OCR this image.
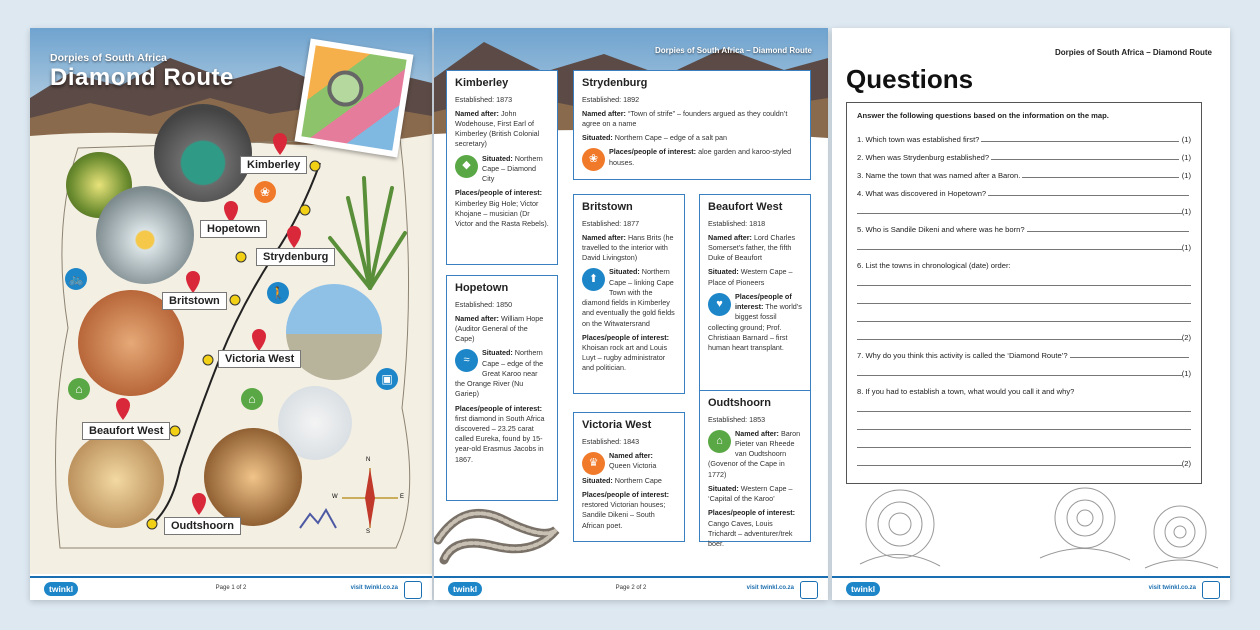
Dorpies of South Africa
Diamond Route
🚲
🚶
▣
❀
⌂
⌂
Kimberley
Hopetown
Strydenburg
Britstown
Victoria West
Beaufort West
Oudtshoorn
N
E
S
W
twinkl	Page 1 of 2	visit twinkl.co.za
Dorpies of South Africa – Diamond Route
Kimberley
Established: 1873
Named after: John Wodehouse, First Earl of Kimberley (British Colonial secretary)
◆
Situated: Northern Cape – Diamond City
Places/people of interest: Kimberley Big Hole; Victor Khojane – musician (Dr Victor and the Rasta Rebels).
Hopetown
Established: 1850
Named after: William Hope (Auditor General of the Cape)
≈
Situated: Northern Cape – edge of the Great Karoo near the Orange River (Nu Gariep)
Places/people of interest: first diamond in South Africa discovered – 23.25 carat called Eureka, found by 15-year-old Erasmus Jacobs in 1867.
Strydenburg
Established: 1892
Named after: “Town of strife” – founders argued as they couldn’t agree on a name
Situated: Northern Cape – edge of a salt pan
❀
Places/people of interest: aloe garden and karoo-styled houses.
Britstown
Established: 1877
Named after: Hans Brits (he travelled to the interior with David Livingston)
⬆
Situated: Northern Cape – linking Cape Town with the diamond fields in Kimberley and eventually the gold fields on the Witwatersrand
Places/people of interest: Khoisan rock art and Louis Luyt – rugby administrator and politician.
Beaufort West
Established: 1818
Named after: Lord Charles Somerset’s father, the fifth Duke of Beaufort
Situated: Western Cape – Place of Pioneers
♥
Places/people of interest: The world’s biggest fossil collecting ground; Prof. Christiaan Barnard – first human heart transplant.
Victoria West
Established: 1843
♛
Named after: Queen Victoria
Situated: Northern Cape
Places/people of interest: restored Victorian houses; Sandile Dikeni – South African poet.
Oudtshoorn
Established: 1853
⌂
Named after: Baron Pieter van Rheede van Oudtshoorn (Govenor of the Cape in 1772)
Situated: Western Cape – ‘Capital of the Karoo’
Places/people of interest: Cango Caves, Louis Trichardt – adventurer/trek boer.
twinkl	Page 2 of 2	visit twinkl.co.za
Dorpies of South Africa – Diamond Route
Questions
Answer the following questions based on the information on the map.
1. Which town was established first?	(1)
2. When was Strydenburg established?	(1)
3. Name the town that was named after a Baron.	(1)
4. What was discovered in Hopetown?
(1)
5. Who is Sandile Dikeni and where was he born?
(1)
6. List the towns in chronological (date) order:
(2)
7. Why do you think this activity is called the ‘Diamond Route’?
(1)
8. If you had to establish a town, what would you call it and why?
(2)
twinkl	visit twinkl.co.za
